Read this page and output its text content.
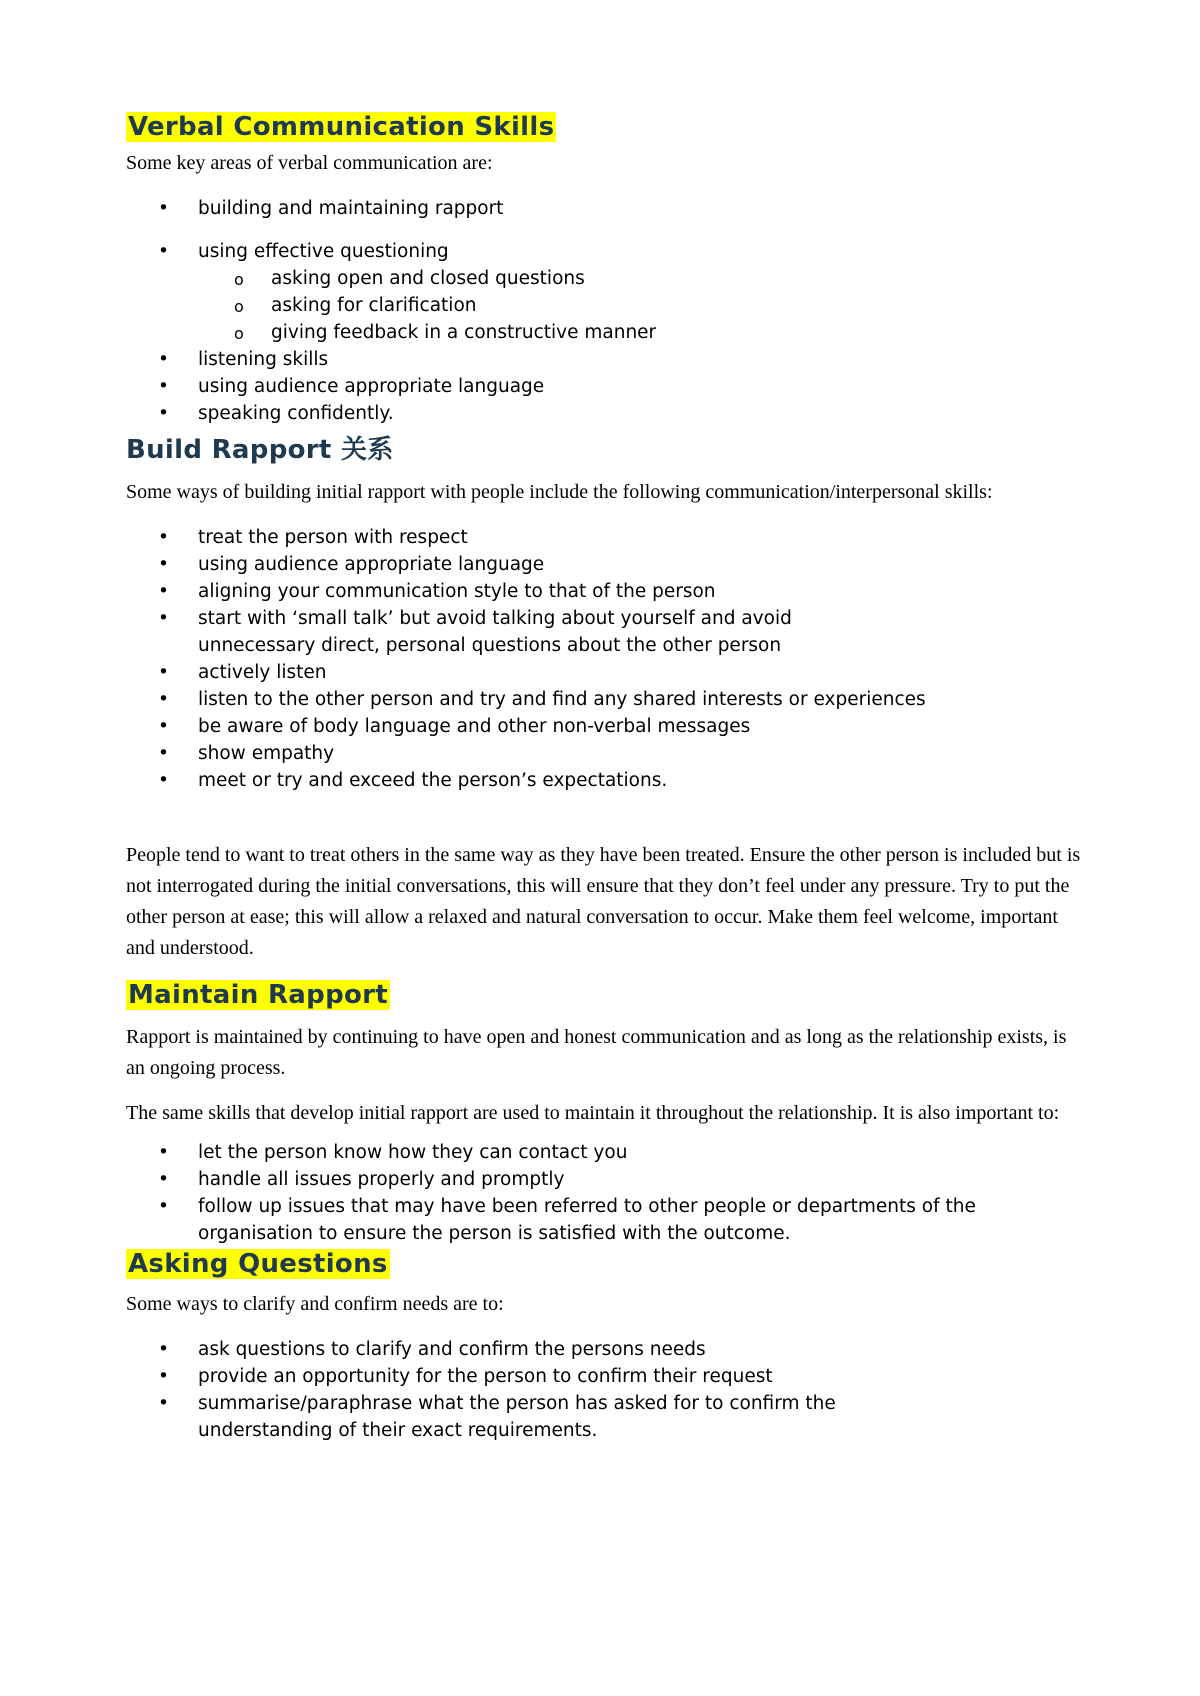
Verbal Communication Skills

Some key areas of verbal communication are:

• building and maintaining rapport
• using effective questioning
o asking open and closed questions
o asking for clarification
o giving feedback in a constructive manner
• listening skills
• using audience appropriate language
• speaking confidently.
Build Rapport 关系

Some ways of building initial rapport with people include the following communication/interpersonal skills:

• treat the person with respect
• using audience appropriate language
• aligning your communication style to that of the person
• start with ‘small talk’ but avoid talking about yourself and avoid unnecessary direct, personal questions about the other person
• actively listen
• listen to the other person and try and find any shared interests or experiences
• be aware of body language and other non-verbal messages
• show empathy
• meet or try and exceed the person’s expectations.

People tend to want to treat others in the same way as they have been treated. Ensure the other person is included but is not interrogated during the initial conversations, this will ensure that they don’t feel under any pressure. Try to put the other person at ease; this will allow a relaxed and natural conversation to occur. Make them feel welcome, important and understood.

Maintain Rapport

Rapport is maintained by continuing to have open and honest communication and as long as the relationship exists, is an ongoing process.

The same skills that develop initial rapport are used to maintain it throughout the relationship. It is also important to:

• let the person know how they can contact you
• handle all issues properly and promptly
• follow up issues that may have been referred to other people or departments of the organisation to ensure the person is satisfied with the outcome.
Asking Questions

Some ways to clarify and confirm needs are to:

• ask questions to clarify and confirm the persons needs
• provide an opportunity for the person to confirm their request
• summarise/paraphrase what the person has asked for to confirm the understanding of their exact requirements.
